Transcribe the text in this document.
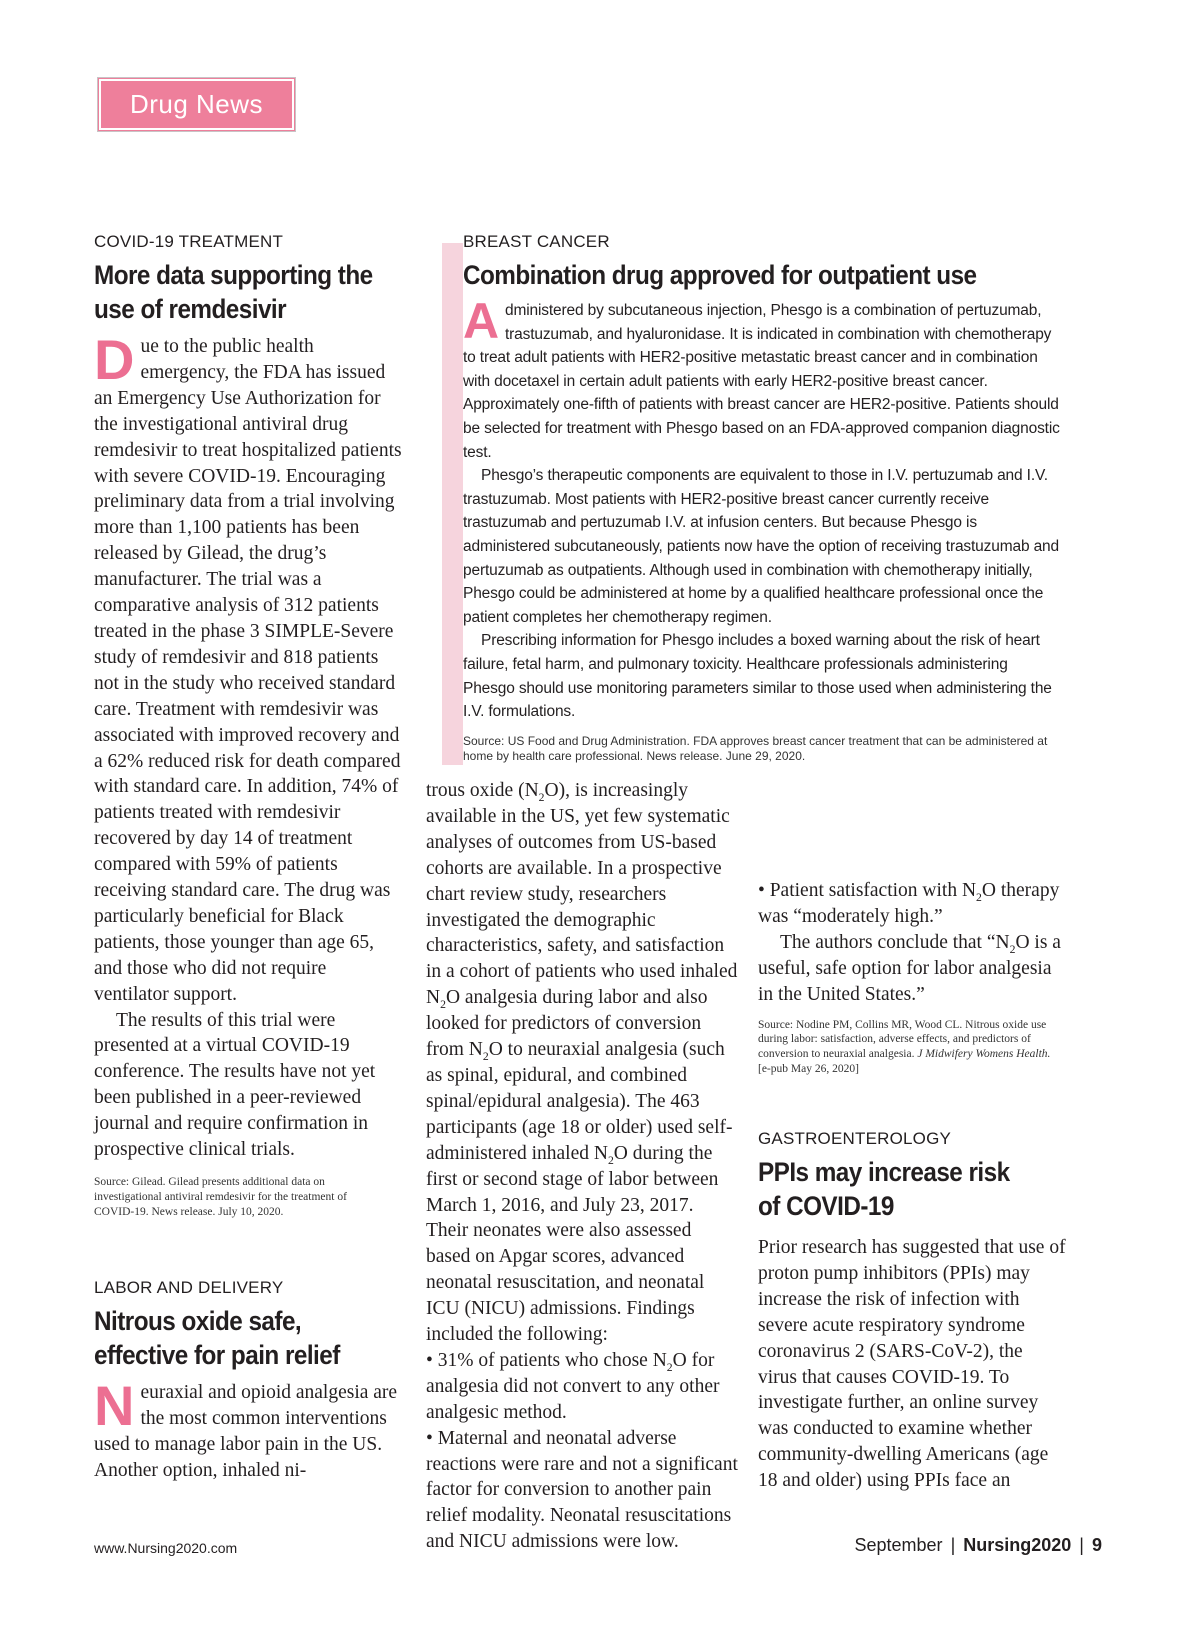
Drug News
COVID-19 TREATMENT
More data supporting the
use of remdesivir

Due to the public health emergency, the FDA has issued an Emergency Use Authorization for the investigational antiviral drug remdesivir to treat hospitalized patients with severe COVID-19. Encouraging preliminary data from a trial involving more than 1,100 patients has been released by Gilead, the drug’s manufacturer. The trial was a comparative analysis of 312 patients treated in the phase 3 SIMPLE-Severe study of remdesivir and 818 patients not in the study who received standard care. Treatment with remdesivir was associated with improved recovery and a 62% reduced risk for death compared with standard care. In addition, 74% of patients treated with remdesivir recovered by day 14 of treatment compared with 59% of patients receiving standard care. The drug was particularly beneficial for Black patients, those younger than age 65, and those who did not require ventilator support.

The results of this trial were presented at a virtual COVID-19 conference. The results have not yet been published in a peer-reviewed journal and require confirmation in prospective clinical trials.

Source: Gilead. Gilead presents additional data on investigational antiviral remdesivir for the treatment of COVID-19. News release. July 10, 2020.
BREAST CANCER
Combination drug approved for outpatient use

Administered by subcutaneous injection, Phesgo is a combination of pertuzumab, trastuzumab, and hyaluronidase. It is indicated in combination with chemotherapy to treat adult patients with HER2-positive metastatic breast cancer and in combination with docetaxel in certain adult patients with early HER2-positive breast cancer. Approximately one-fifth of patients with breast cancer are HER2-positive. Patients should be selected for treatment with Phesgo based on an FDA-approved companion diagnostic test.

Phesgo’s therapeutic components are equivalent to those in I.V. pertuzumab and I.V. trastuzumab. Most patients with HER2-positive breast cancer currently receive trastuzumab and pertuzumab I.V. at infusion centers. But because Phesgo is administered subcutaneously, patients now have the option of receiving trastuzumab and pertuzumab as outpatients. Although used in combination with chemotherapy initially, Phesgo could be administered at home by a qualified healthcare professional once the patient completes her chemotherapy regimen.

Prescribing information for Phesgo includes a boxed warning about the risk of heart failure, fetal harm, and pulmonary toxicity. Healthcare professionals administering Phesgo should use monitoring parameters similar to those used when administering the I.V. formulations.

Source: US Food and Drug Administration. FDA approves breast cancer treatment that can be administered at home by health care professional. News release. June 29, 2020.
LABOR AND DELIVERY
Nitrous oxide safe,
effective for pain relief

Neuraxial and opioid analgesia are the most common interventions used to manage labor pain in the US. Another option, inhaled ni-

trous oxide $(N_2O)$, is increasingly available in the US, yet few systematic analyses of outcomes from US-based cohorts are available. In a prospective chart review study, researchers investigated the demographic characteristics, safety, and satisfaction in a cohort of patients who used inhaled $N_2O$ analgesia during labor and also looked for predictors of conversion from $N_2O$ to neuraxial analgesia (such as spinal, epidural, and combined spinal/epidural analgesia). The 463 participants (age 18 or older) used self-administered inhaled $N_2O$ during the first or second stage of labor between March 1, 2016, and July 23, 2017. Their neonates were also assessed based on Apgar scores, advanced neonatal resuscitation, and neonatal ICU (NICU) admissions. Findings included the following:

• 31% of patients who chose $N_2O$ for analgesia did not convert to any other analgesic method.

• Maternal and neonatal adverse reactions were rare and not a significant factor for conversion to another pain relief modality. Neonatal resuscitations and NICU admissions were low.

• Patient satisfaction with $N_2O$ therapy was “moderately high.”

The authors conclude that “$N_2O$ is a useful, safe option for labor analgesia in the United States.”

Source: Nodine PM, Collins MR, Wood CL. Nitrous oxide use during labor: satisfaction, adverse effects, and predictors of conversion to neuraxial analgesia. J Midwifery Womens Health. [e-pub May 26, 2020]
GASTROENTEROLOGY
PPIs may increase risk
of COVID-19
Prior research has suggested that use of proton pump inhibitors (PPIs) may increase the risk of infection with severe acute respiratory syndrome coronavirus 2 (SARS-CoV-2), the virus that causes COVID-19. To investigate further, an online survey was conducted to examine whether community-dwelling Americans (age 18 and older) using PPIs face an
www.Nursing2020.com	September | Nursing2020 | 9
